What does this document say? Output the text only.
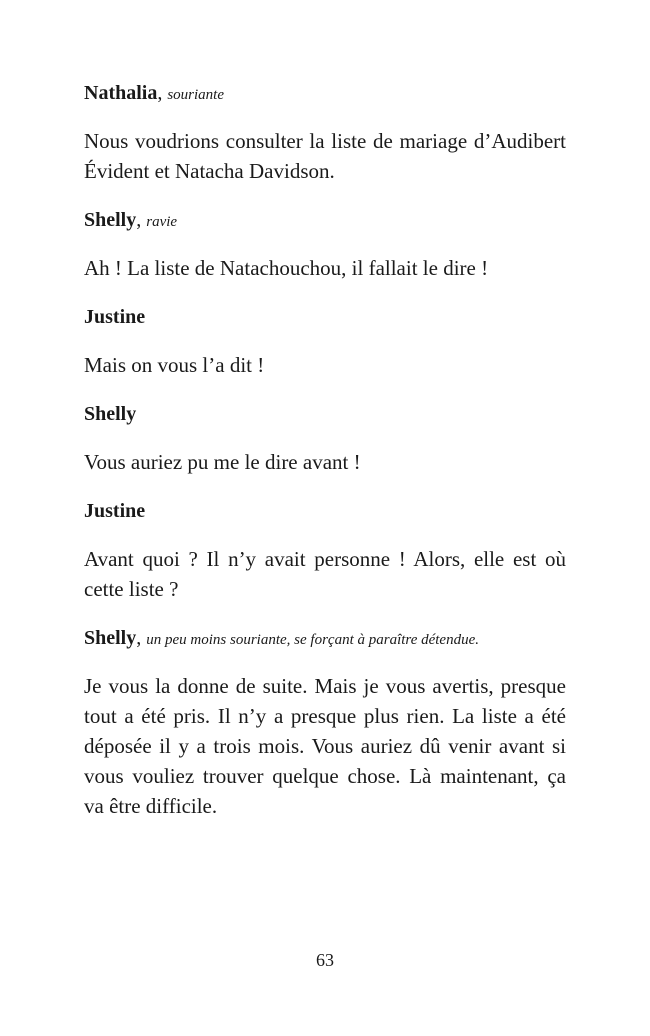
Nathalia, souriante

Nous voudrions consulter la liste de mariage d’Audibert Évident et Natacha Davidson.

Shelly, ravie

Ah ! La liste de Natachouchou, il fallait le dire !

Justine

Mais on vous l’a dit !

Shelly

Vous auriez pu me le dire avant !

Justine

Avant quoi ? Il n’y avait personne ! Alors, elle est où cette liste ?

Shelly, un peu moins souriante, se forçant à paraître détendue.

Je vous la donne de suite. Mais je vous avertis, presque tout a été pris. Il n’y a presque plus rien. La liste a été déposée il y a trois mois. Vous auriez dû venir avant si vous vouliez trouver quelque chose. Là maintenant, ça va être difficile.

63
